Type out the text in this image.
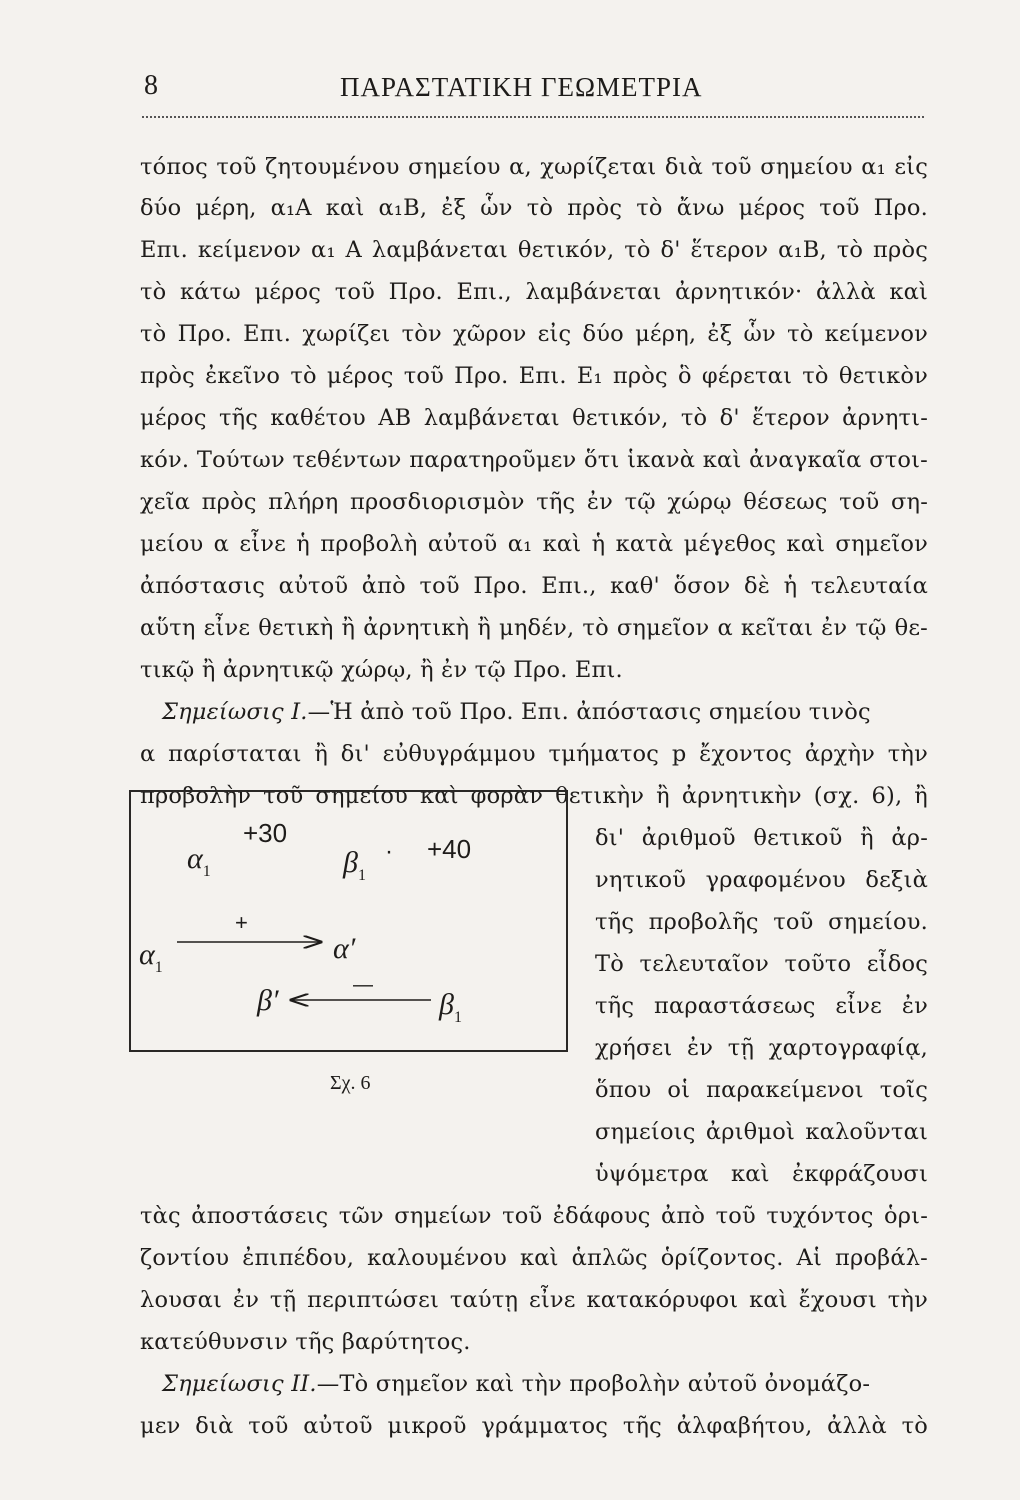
8	ΠΑΡΑΣΤΑΤΙΚΗ ΓΕΩΜΕΤΡΙΑ
τόπος τοῦ ζητουμένου σημείου α, χωρίζεται διὰ τοῦ σημείου α₁ εἰς
δύο μέρη, α₁Α καὶ α₁Β, ἐξ ὧν τὸ πρὸς τὸ ἄνω μέρος τοῦ Προ.
Επι. κείμενον α₁ Α λαμβάνεται θετικόν, τὸ δ' ἕτερον α₁Β, τὸ πρὸς
τὸ κάτω μέρος τοῦ Προ. Επι., λαμβάνεται ἀρνητικόν· ἀλλὰ καὶ
τὸ Προ. Επι. χωρίζει τὸν χῶρον εἰς δύο μέρη, ἐξ ὧν τὸ κείμενον
πρὸς ἐκεῖνο τὸ μέρος τοῦ Προ. Επι. Ε₁ πρὸς ὃ φέρεται τὸ θετικὸν
μέρος τῆς καθέτου ΑΒ λαμβάνεται θετικόν, τὸ δ' ἕτερον ἀρνητι-
κόν. Τούτων τεθέντων παρατηροῦμεν ὅτι ἱκανὰ καὶ ἀναγκαῖα στοι-
χεῖα πρὸς πλήρη προσδιορισμὸν τῆς ἐν τῷ χώρῳ θέσεως τοῦ ση-
μείου α εἶνε ἡ προβολὴ αὐτοῦ α₁ καὶ ἡ κατὰ μέγεθος καὶ σημεῖον
ἀπόστασις αὐτοῦ ἀπὸ τοῦ Προ. Επι., καθ' ὅσον δὲ ἡ τελευταία
αὕτη εἶνε θετικὴ ἢ ἀρνητικὴ ἢ μηδέν, τὸ σημεῖον α κεῖται ἐν τῷ θε-
τικῷ ἢ ἀρνητικῷ χώρῳ, ἢ ἐν τῷ Προ. Επι.
Σημείωσις Ι.—Ἡ ἀπὸ τοῦ Προ. Επι. ἀπόστασις σημείου τινὸς
α παρίσταται ἢ δι' εὐθυγράμμου τμήματος p ἔχοντος ἀρχὴν τὴν
προβολὴν τοῦ σημείου καὶ φορὰν θετικὴν ἢ ἀρνητικὴν (σχ. 6), ἢ
δι' ἀριθμοῦ θετικοῦ ἢ ἀρ-
νητικοῦ γραφομένου δεξιὰ
τῆς προβολῆς τοῦ σημείου.
Τὸ τελευταῖον τοῦτο εἶδος
τῆς παραστάσεως εἶνε ἐν
χρήσει ἐν τῇ χαρτογραφίᾳ,
ὅπου οἱ παρακείμενοι τοῖς
σημείοις ἀριθμοὶ καλοῦνται
ὑψόμετρα καὶ ἐκφράζουσι
τὰς ἀποστάσεις τῶν σημείων τοῦ ἐδάφους ἀπὸ τοῦ τυχόντος ὁρι-
ζοντίου ἐπιπέδου, καλουμένου καὶ ἁπλῶς ὁρίζοντος. Αἱ προβάλ-
λουσαι ἐν τῇ περιπτώσει ταύτῃ εἶνε κατακόρυφοι καὶ ἔχουσι τὴν
κατεύθυνσιν τῆς βαρύτητος.
Σημείωσις ΙΙ.—Τὸ σημεῖον καὶ τὴν προβολὴν αὐτοῦ ὀνομάζο-
μεν διὰ τοῦ αὐτοῦ μικροῦ γράμματος τῆς ἀλφαβήτου, ἀλλὰ τὸ
$\alpha_1$
+30
$\beta_1$
· +40
+
$\alpha_1$
α′
β′	—
$\beta_1$
Σχ. 6
